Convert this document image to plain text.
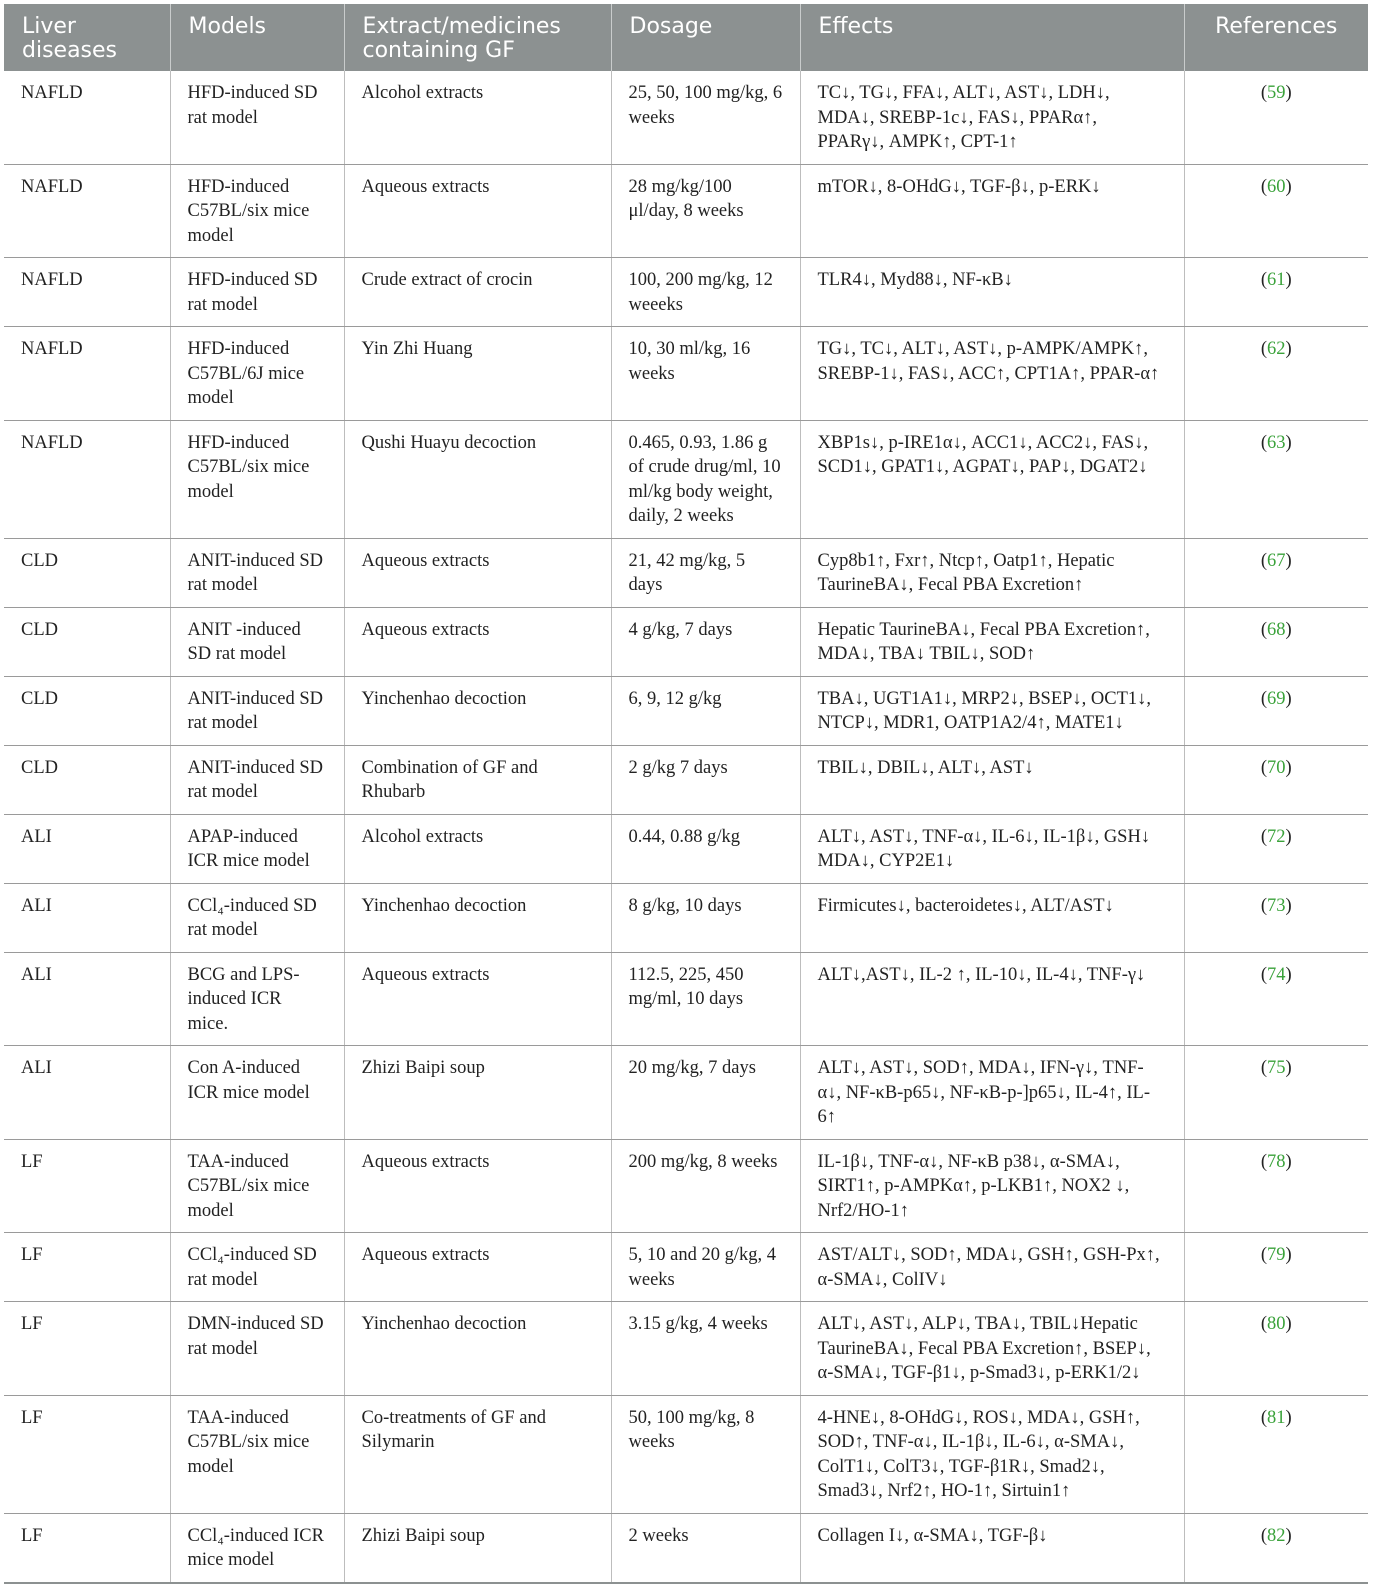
Liver diseases	Models	Extract/medicines containing GF	Dosage	Effects	References
NAFLD	HFD-induced SD rat model	Alcohol extracts	25, 50, 100 mg/kg, 6 weeks	TC↓, TG↓, FFA↓, ALT↓, AST↓, LDH↓, MDA↓, SREBP-1c↓, FAS↓, PPARα↑, PPARγ↓, AMPK↑, CPT-1↑	(59)
NAFLD	HFD-induced C57BL/six mice model	Aqueous extracts	28 mg/kg/100 μl/day, 8 weeks	mTOR↓, 8-OHdG↓, TGF-β↓, p-ERK↓	(60)
NAFLD	HFD-induced SD rat model	Crude extract of crocin	100, 200 mg/kg, 12 weeeks	TLR4↓, Myd88↓, NF-κB↓	(61)
NAFLD	HFD-induced C57BL/6J mice model	Yin Zhi Huang	10, 30 ml/kg, 16 weeks	TG↓, TC↓, ALT↓, AST↓, p-AMPK/AMPK↑, SREBP-1↓, FAS↓, ACC↑, CPT1A↑, PPAR-α↑	(62)
NAFLD	HFD-induced C57BL/six mice model	Qushi Huayu decoction	0.465, 0.93, 1.86 g of crude drug/ml, 10 ml/kg body weight, daily, 2 weeks	XBP1s↓, p-IRE1α↓, ACC1↓, ACC2↓, FAS↓, SCD1↓, GPAT1↓, AGPAT↓, PAP↓, DGAT2↓	(63)
CLD	ANIT-induced SD rat model	Aqueous extracts	21, 42 mg/kg, 5 days	Cyp8b1↑, Fxr↑, Ntcp↑, Oatp1↑, Hepatic TaurineBA↓, Fecal PBA Excretion↑	(67)
CLD	ANIT -induced SD rat model	Aqueous extracts	4 g/kg, 7 days	Hepatic TaurineBA↓, Fecal PBA Excretion↑, MDA↓, TBA↓ TBIL↓, SOD↑	(68)
CLD	ANIT-induced SD rat model	Yinchenhao decoction	6, 9, 12 g/kg	TBA↓, UGT1A1↓, MRP2↓, BSEP↓, OCT1↓, NTCP↓, MDR1, OATP1A2/4↑, MATE1↓	(69)
CLD	ANIT-induced SD rat model	Combination of GF and Rhubarb	2 g/kg 7 days	TBIL↓, DBIL↓, ALT↓, AST↓	(70)
ALI	APAP-induced ICR mice model	Alcohol extracts	0.44, 0.88 g/kg	ALT↓, AST↓, TNF-α↓, IL-6↓, IL-1β↓, GSH↓ MDA↓, CYP2E1↓	(72)
ALI	CCl₄-induced SD rat model	Yinchenhao decoction	8 g/kg, 10 days	Firmicutes↓, bacteroidetes↓, ALT/AST↓	(73)
ALI	BCG and LPS-induced ICR mice.	Aqueous extracts	112.5, 225, 450 mg/ml, 10 days	ALT↓,AST↓, IL-2 ↑, IL-10↓, IL-4↓, TNF-γ↓	(74)
ALI	Con A-induced ICR mice model	Zhizi Baipi soup	20 mg/kg, 7 days	ALT↓, AST↓, SOD↑, MDA↓, IFN-γ↓, TNF-α↓, NF-κB-p65↓, NF-κB-p-]p65↓, IL-4↑, IL-6↑	(75)
LF	TAA-induced C57BL/six mice model	Aqueous extracts	200 mg/kg, 8 weeks	IL-1β↓, TNF-α↓, NF-κB p38↓, α-SMA↓, SIRT1↑, p-AMPKα↑, p-LKB1↑, NOX2 ↓, Nrf2/HO-1↑	(78)
LF	CCl₄-induced SD rat model	Aqueous extracts	5, 10 and 20 g/kg, 4 weeks	AST/ALT↓, SOD↑, MDA↓, GSH↑, GSH-Px↑, α-SMA↓, ColIV↓	(79)
LF	DMN-induced SD rat model	Yinchenhao decoction	3.15 g/kg, 4 weeks	ALT↓, AST↓, ALP↓, TBA↓, TBIL↓Hepatic TaurineBA↓, Fecal PBA Excretion↑, BSEP↓, α-SMA↓, TGF-β1↓, p-Smad3↓, p-ERK1/2↓	(80)
LF	TAA-induced C57BL/six mice model	Co-treatments of GF and Silymarin	50, 100 mg/kg, 8 weeks	4-HNE↓, 8-OHdG↓, ROS↓, MDA↓, GSH↑, SOD↑, TNF-α↓, IL-1β↓, IL-6↓, α-SMA↓, ColT1↓, ColT3↓, TGF-β1R↓, Smad2↓, Smad3↓, Nrf2↑, HO-1↑, Sirtuin1↑	(81)
LF	CCl₄-induced ICR mice model	Zhizi Baipi soup	2 weeks	Collagen I↓, α-SMA↓, TGF-β↓	(82)
